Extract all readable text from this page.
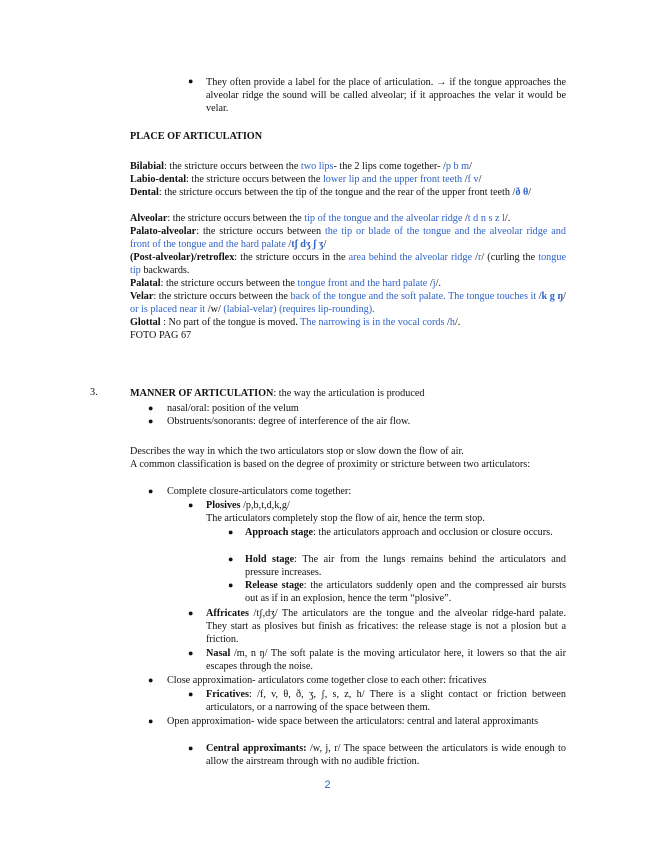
● They often provide a label for the place of articulation. → if the tongue approaches the alveolar ridge the sound will be called alveolar; if it approaches the velar it would be velar.

PLACE OF ARTICULATION

Bilabial: the stricture occurs between the two lips- the 2 lips come together- /p b m/

Labio-dental: the stricture occurs between the lower lip and the upper front teeth /f v/

Dental: the stricture occurs between the tip of the tongue and the rear of the upper front teeth /ð θ/

Alveolar: the stricture occurs between the tip of the tongue and the alveolar ridge /t d n s z l/.

Palato-alveolar: the stricture occurs between the tip or blade of the tongue and the alveolar ridge and front of the tongue and the hard palate /tʃ dʒ ʃ ʒ/

(Post-alveolar)/retroflex: the stricture occurs in the area behind the alveolar ridge /r/ (curling the tongue tip backwards.

Palatal: the stricture occurs between the tongue front and the hard palate /j/.

Velar: the stricture occurs between the back of the tongue and the soft palate. The tongue touches it /k g ŋ/ or is placed near it /w/ (labial-velar) (requires lip-rounding).

Glottal : No part of the tongue is moved. The narrowing is in the vocal cords /h/.

FOTO PAG 67

3.	MANNER OF ARTICULATION: the way the articulation is produced

● nasal/oral: position of the velum

● Obstruents/sonorants: degree of interference of the air flow.

Describes the way in which the two articulators stop or slow down the flow of air.

A common classification is based on the degree of proximity or stricture between two articulators:

● Complete closure-articulators come together:

● Plosives /p,b,t,d,k,g/

The articulators completely stop the flow of air, hence the term stop.

● Approach stage: the articulators approach and occlusion or closure occurs.

● Hold stage: The air from the lungs remains behind the articulators and pressure increases.

● Release stage: the articulators suddenly open and the compressed air bursts out as if in an explosion, hence the term “plosive”.

● Affricates /tʃ,dʒ/ The articulators are the tongue and the alveolar ridge-hard palate. They start as plosives but finish as fricatives: the release stage is not a plosion but a friction.

● Nasal /m, n ŋ/ The soft palate is the moving articulator here, it lowers so that the air escapes through the noise.

● Close approximation- articulators come together close to each other: fricatives

● Fricatives: /f, v, θ, ð, ʒ, ʃ, s, z, h/ There is a slight contact or friction between articulators, or a narrowing of the space between them.

● Open approximation- wide space between the articulators: central and lateral approximants

● Central approximants: /w, j, r/ The space between the articulators is wide enough to allow the airstream through with no audible friction.

2
